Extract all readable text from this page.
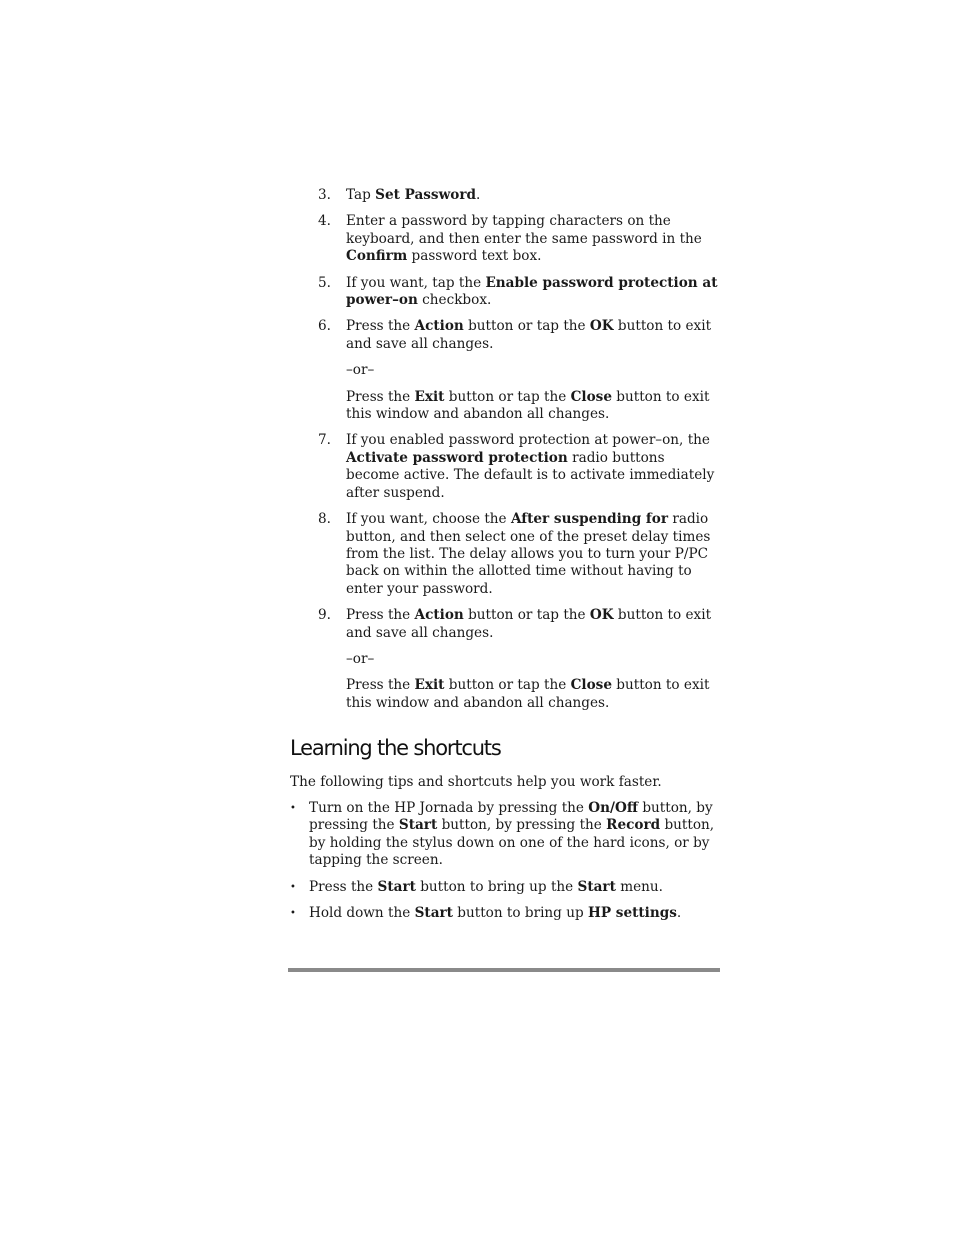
3. Tap Set Password.

4. Enter a password by tapping characters on the keyboard, and then enter the same password in the Confirm password text box.

5. If you want, tap the Enable password protection at power–on checkbox.

6. Press the Action button or tap the OK button to exit and save all changes.

–or–

Press the Exit button or tap the Close button to exit this window and abandon all changes.

7. If you enabled password protection at power–on, the Activate password protection radio buttons become active. The default is to activate immediately after suspend.

8. If you want, choose the After suspending for radio button, and then select one of the preset delay times from the list. The delay allows you to turn your P/PC back on within the allotted time without having to enter your password.

9. Press the Action button or tap the OK button to exit and save all changes.

–or–

Press the Exit button or tap the Close button to exit this window and abandon all changes.

Learning the shortcuts

The following tips and shortcuts help you work faster.

• Turn on the HP Jornada by pressing the On/Off button, by pressing the Start button, by pressing the Record button, by holding the stylus down on one of the hard icons, or by tapping the screen.
• Press the Start button to bring up the Start menu.
• Hold down the Start button to bring up HP settings.
